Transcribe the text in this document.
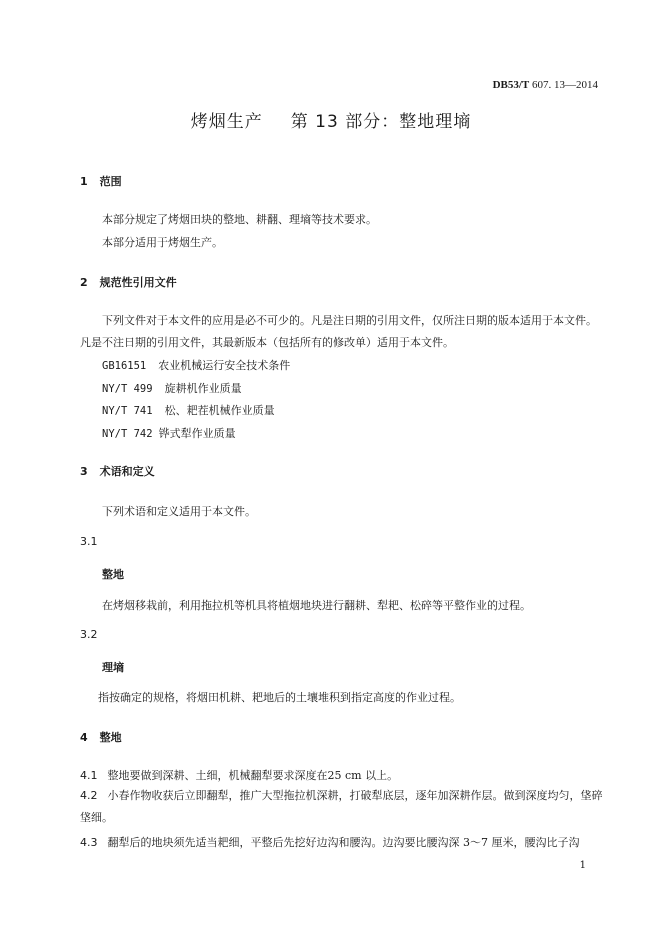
DB53/T 607. 13—2014
烤烟生产 第 13 部分：整地理墒
1 范围
本部分规定了烤烟田块的整地、耕翻、理墒等技术要求。
本部分适用于烤烟生产。
2 规范性引用文件
下列文件对于本文件的应用是必不可少的。凡是注日期的引用文件，仅所注日期的版本适用于本文件。凡是不注日期的引用文件，其最新版本（包括所有的修改单）适用于本文件。
GB16151 农业机械运行安全技术条件
NY/T 499 旋耕机作业质量
NY/T 741 松、耙茬机械作业质量
NY/T 742 铧式犁作业质量
3 术语和定义
下列术语和定义适用于本文件。
3.1
整地
在烤烟移栽前，利用拖拉机等机具将植烟地块进行翻耕、犁耙、松碎等平整作业的过程。
3.2
理墒
指按确定的规格，将烟田机耕、耙地后的土壤堆积到指定高度的作业过程。
4 整地
4.1 整地要做到深耕、土细，机械翻犁要求深度在25 cm 以上。
4.2 小春作物收获后立即翻犁，推广大型拖拉机深耕，打破犁底层，逐年加深耕作层。做到深度均匀，垡碎垡细。
4.3 翻犁后的地块须先适当耙细，平整后先挖好边沟和腰沟。边沟要比腰沟深 3～7 厘米，腰沟比子沟
1
